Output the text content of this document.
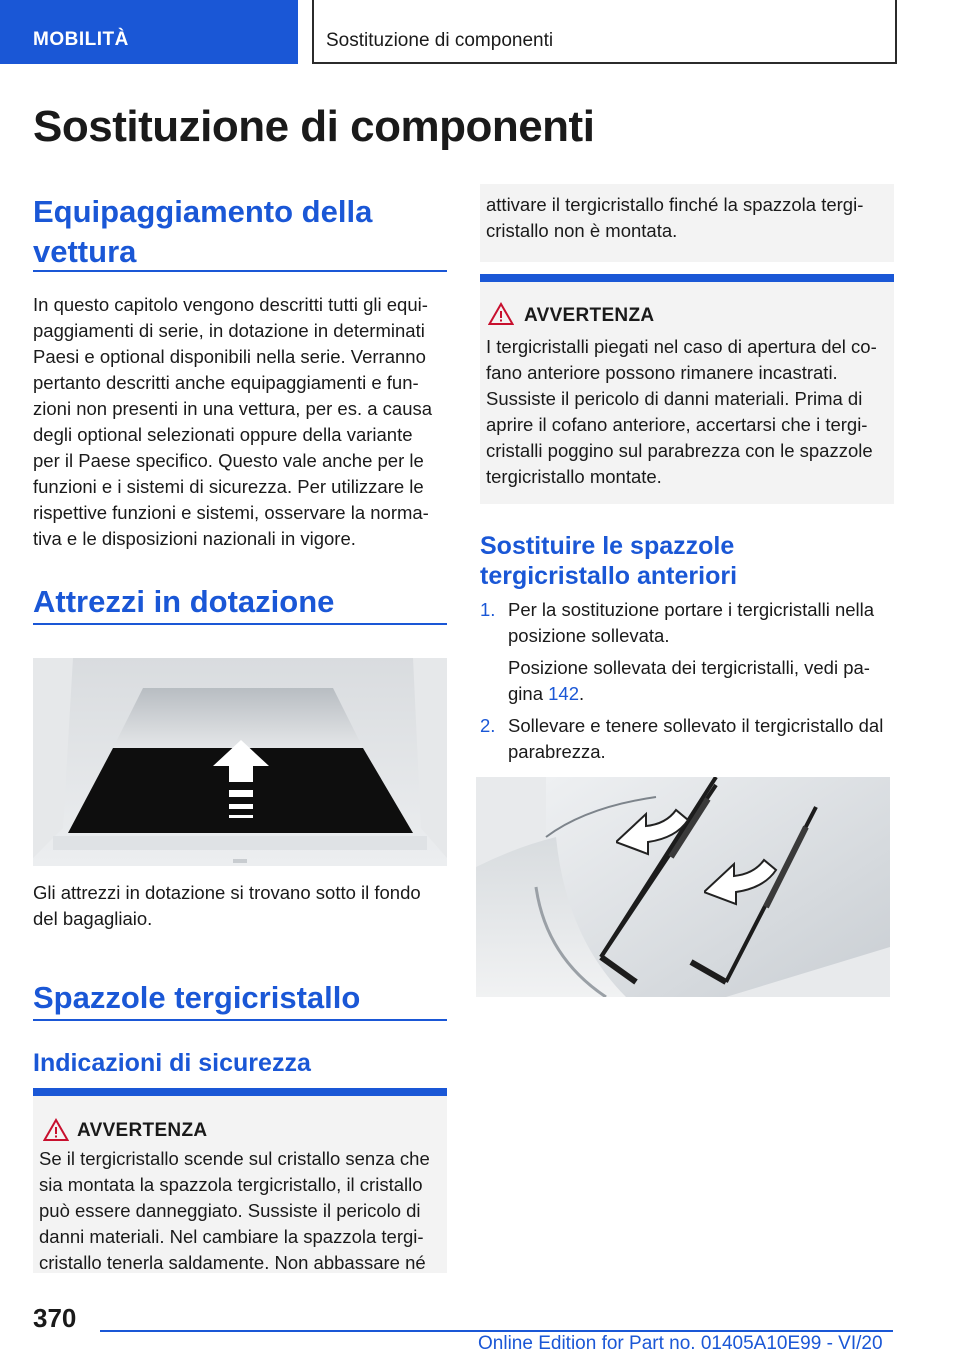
MOBILITÀ	Sostituzione di componenti
Sostituzione di componenti
Equipaggiamento della
vettura

In questo capitolo vengono descritti tutti gli equi-
paggiamenti di serie, in dotazione in determinati
Paesi e optional disponibili nella serie. Verranno
pertanto descritti anche equipaggiamenti e fun-
zioni non presenti in una vettura, per es. a causa
degli optional selezionati oppure della variante
per il Paese specifico. Questo vale anche per le
funzioni e i sistemi di sicurezza. Per utilizzare le
rispettive funzioni e sistemi, osservare la norma-
tiva e le disposizioni nazionali in vigore.

Attrezzi in dotazione

Gli attrezzi in dotazione si trovano sotto il fondo
del bagagliaio.

Spazzole tergicristallo
Indicazioni di sicurezza
AVVERTENZA

Se il tergicristallo scende sul cristallo senza che
sia montata la spazzola tergicristallo, il cristallo
può essere danneggiato. Sussiste il pericolo di
danni materiali. Nel cambiare la spazzola tergi-
cristallo tenerla saldamente. Non abbassare né

attivare il tergicristallo finché la spazzola tergi-
cristallo non è montata.

AVVERTENZA

I tergicristalli piegati nel caso di apertura del co-
fano anteriore possono rimanere incastrati.
Sussiste il pericolo di danni materiali. Prima di
aprire il cofano anteriore, accertarsi che i tergi-
cristalli poggino sul parabrezza con le spazzole
tergicristallo montate.

Sostituire le spazzole
tergicristallo anteriori
1. Per la sostituzione portare i tergicristalli nella
posizione sollevata.
Posizione sollevata dei tergicristalli, vedi pa-
gina 142.
2. Sollevare e tenere sollevato il tergicristallo dal
parabrezza.
370
Online Edition for Part no. 01405A10E99 - VI/20
